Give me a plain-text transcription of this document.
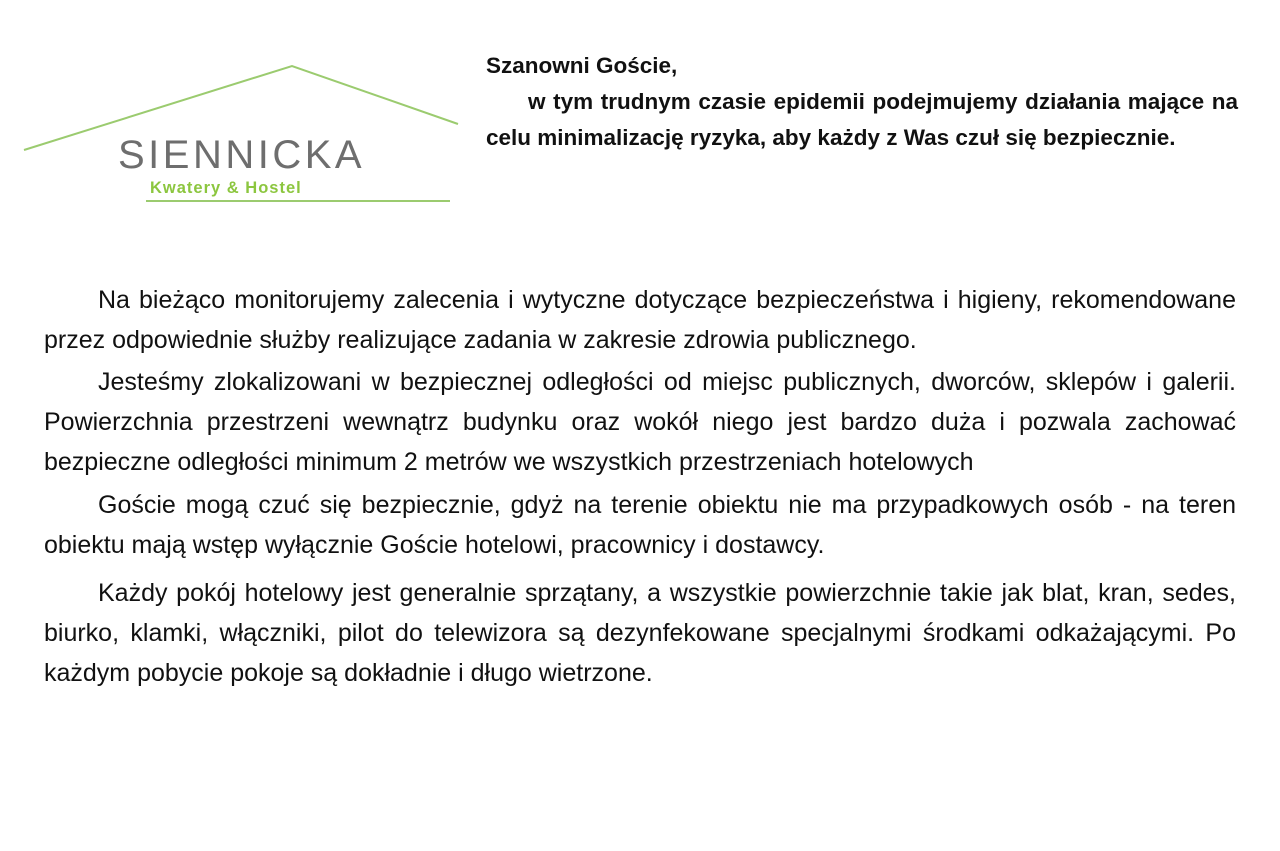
SIENNICKA
Kwatery & Hostel

Szanowni Goście,

w tym trudnym czasie epidemii podejmujemy działania mające na celu minimalizację ryzyka, aby każdy z Was czuł się bezpiecznie.

Na bieżąco monitorujemy zalecenia i wytyczne dotyczące bezpieczeństwa i higieny, rekomendowane przez odpowiednie służby realizujące zadania w zakresie zdrowia publicznego.

Jesteśmy zlokalizowani w bezpiecznej odległości od miejsc publicznych, dworców, sklepów i galerii. Powierzchnia przestrzeni wewnątrz budynku oraz wokół niego jest bardzo duża i pozwala zachować bezpieczne odległości minimum 2 metrów we wszystkich przestrzeniach hotelowych

Goście mogą czuć się bezpiecznie, gdyż na terenie obiektu nie ma przypadkowych osób - na teren obiektu mają wstęp wyłącznie Goście hotelowi, pracownicy i dostawcy.

Każdy pokój hotelowy jest generalnie sprzątany, a wszystkie powierzchnie takie jak blat, kran, sedes, biurko, klamki, włączniki, pilot do telewizora są dezynfekowane specjalnymi środkami odkażającymi. Po każdym pobycie pokoje są dokładnie i długo wietrzone.
